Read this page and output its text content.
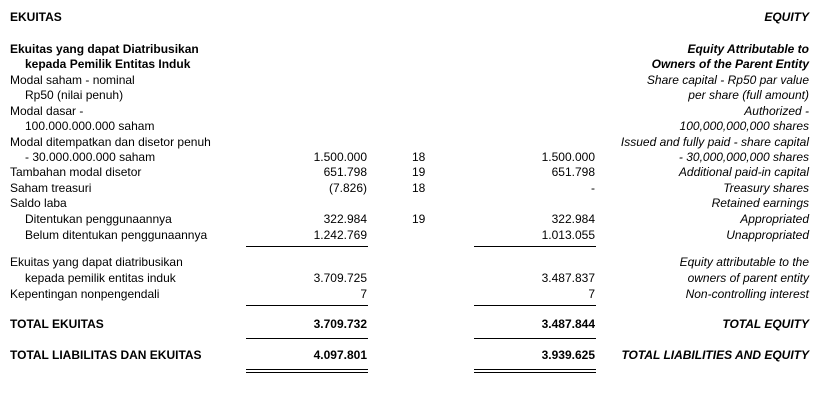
EKUITAS	EQUITY
Ekuitas yang dapat Diatribusikan	Equity Attributable to
kepada Pemilik Entitas Induk	Owners of the Parent Entity
Modal saham - nominal	Share capital - Rp50 par value
Rp50 (nilai penuh)	per share (full amount)
Modal dasar -	Authorized -
100.000.000.000 saham	100,000,000,000 shares
Modal ditempatkan dan disetor penuh	Issued and fully paid - share capital
- 30.000.000.000 saham	1.500.000	18	1.500.000	- 30,000,000,000 shares
Tambahan modal disetor	651.798	19	651.798	Additional paid-in capital
Saham treasuri	(7.826)	18	-	Treasury shares
Saldo laba	Retained earnings
Ditentukan penggunaannya	322.984	19	322.984	Appropriated
Belum ditentukan penggunaannya	1.242.769	1.013.055	Unappropriated
Ekuitas yang dapat diatribusikan	Equity attributable to the
kepada pemilik entitas induk	3.709.725	3.487.837	owners of parent entity
Kepentingan nonpengendali	7	7	Non-controlling interest
TOTAL EKUITAS	3.709.732	3.487.844	TOTAL EQUITY
TOTAL LIABILITAS DAN EKUITAS	4.097.801	3.939.625 TOTAL LIABILITIES AND EQUITY
